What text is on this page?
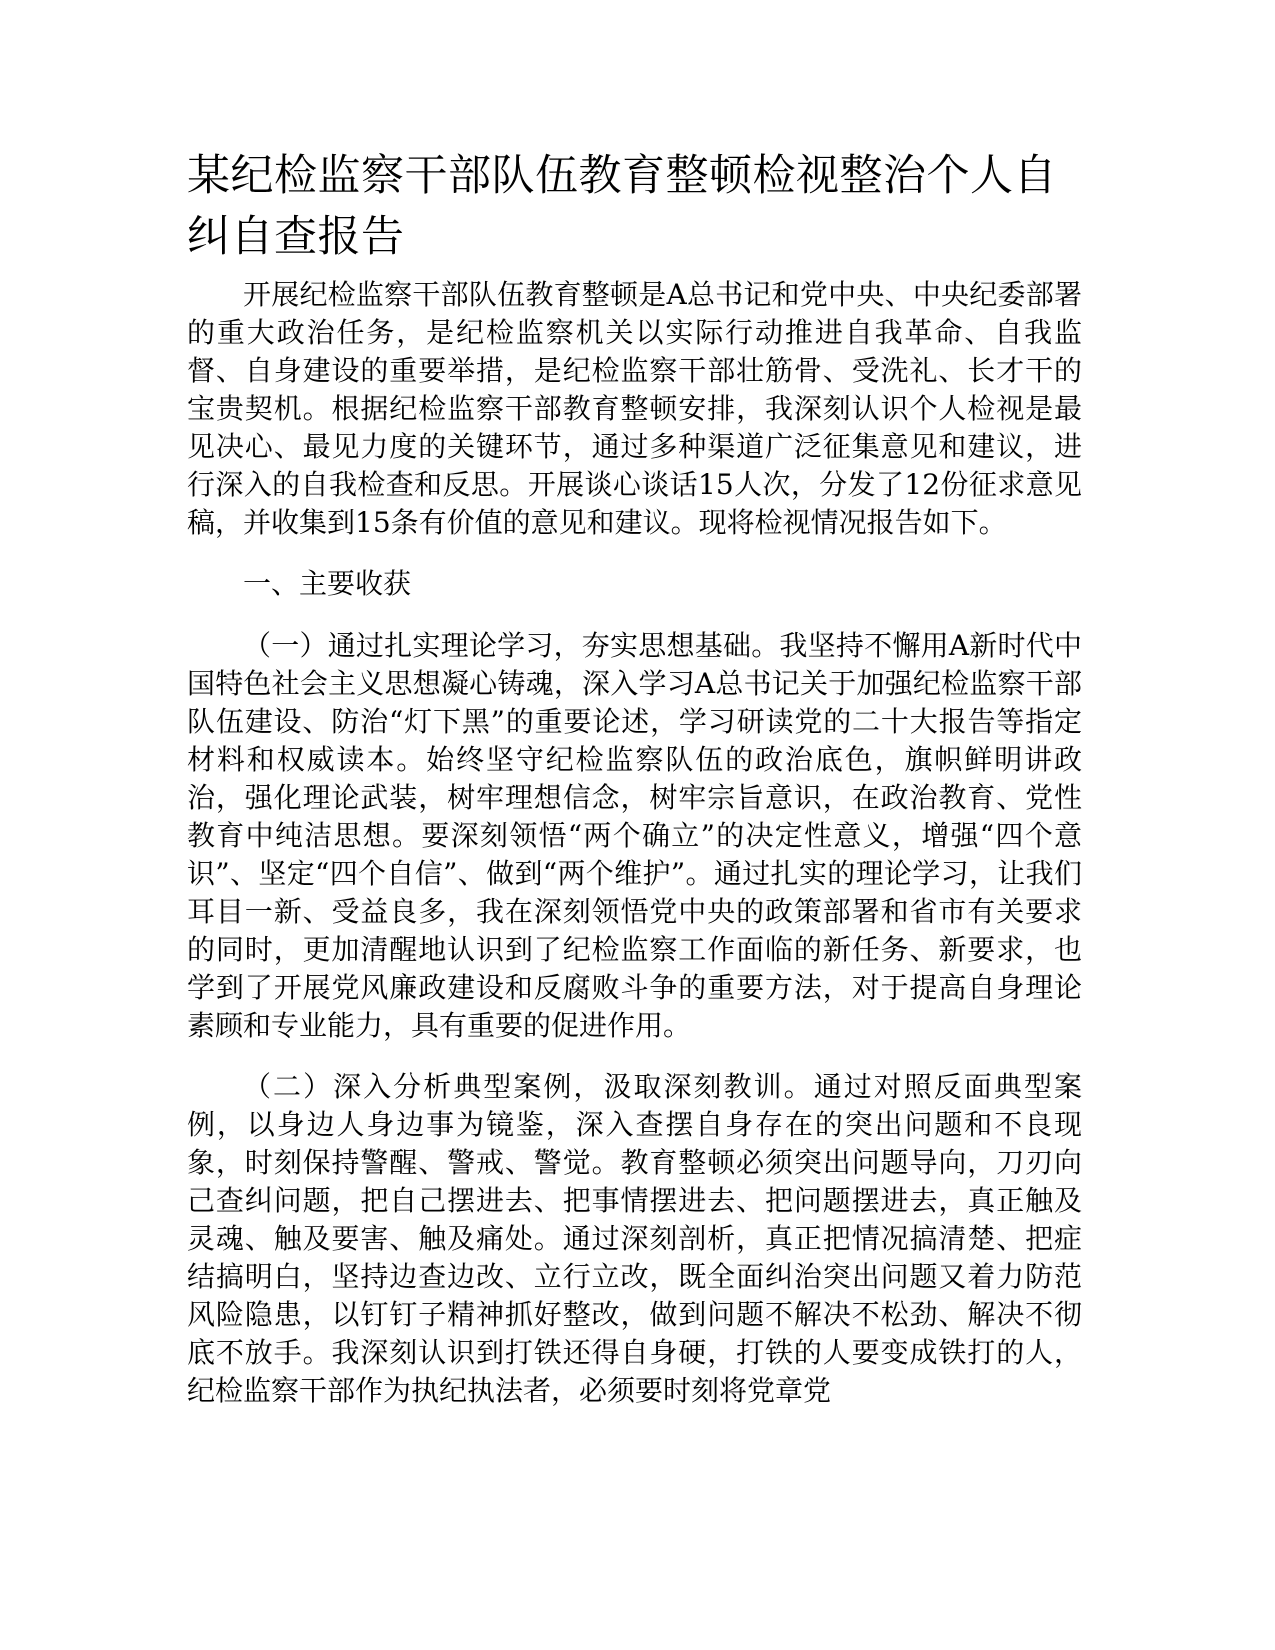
某纪检监察干部队伍教育整顿检视整治个人自纠自查报告

开展纪检监察干部队伍教育整顿是A总书记和党中央、中央纪委部署的重大政治任务，是纪检监察机关以实际行动推进自我革命、自我监督、自身建设的重要举措，是纪检监察干部壮筋骨、受洗礼、长才干的宝贵契机。根据纪检监察干部教育整顿安排，我深刻认识个人检视是最见决心、最见力度的关键环节，通过多种渠道广泛征集意见和建议，进行深入的自我检查和反思。开展谈心谈话15人次，分发了12份征求意见稿，并收集到15条有价值的意见和建议。现将检视情况报告如下。

一、主要收获

（一）通过扎实理论学习，夯实思想基础。我坚持不懈用A新时代中国特色社会主义思想凝心铸魂，深入学习A总书记关于加强纪检监察干部队伍建设、防治“灯下黑”的重要论述，学习研读党的二十大报告等指定材料和权威读本。始终坚守纪检监察队伍的政治底色，旗帜鲜明讲政治，强化理论武装，树牢理想信念，树牢宗旨意识，在政治教育、党性教育中纯洁思想。要深刻领悟“两个确立”的决定性意义，增强“四个意识”、坚定“四个自信”、做到“两个维护”。通过扎实的理论学习，让我们耳目一新、受益良多，我在深刻领悟党中央的政策部署和省市有关要求的同时，更加清醒地认识到了纪检监察工作面临的新任务、新要求，也学到了开展党风廉政建设和反腐败斗争的重要方法，对于提高自身理论素顾和专业能力，具有重要的促进作用。

（二）深入分析典型案例，汲取深刻教训。通过对照反面典型案例，以身边人身边事为镜鉴，深入查摆自身存在的突出问题和不良现象，时刻保持警醒、警戒、警觉。教育整顿必须突出问题导向，刀刃向己查纠问题，把自己摆进去、把事情摆进去、把问题摆进去，真正触及灵魂、触及要害、触及痛处。通过深刻剖析，真正把情况搞清楚、把症结搞明白，坚持边查边改、立行立改，既全面纠治突出问题又着力防范风险隐患，以钉钉子精神抓好整改，做到问题不解决不松劲、解决不彻底不放手。我深刻认识到打铁还得自身硬，打铁的人要变成铁打的人，纪检监察干部作为执纪执法者，必须要时刻将党章党
